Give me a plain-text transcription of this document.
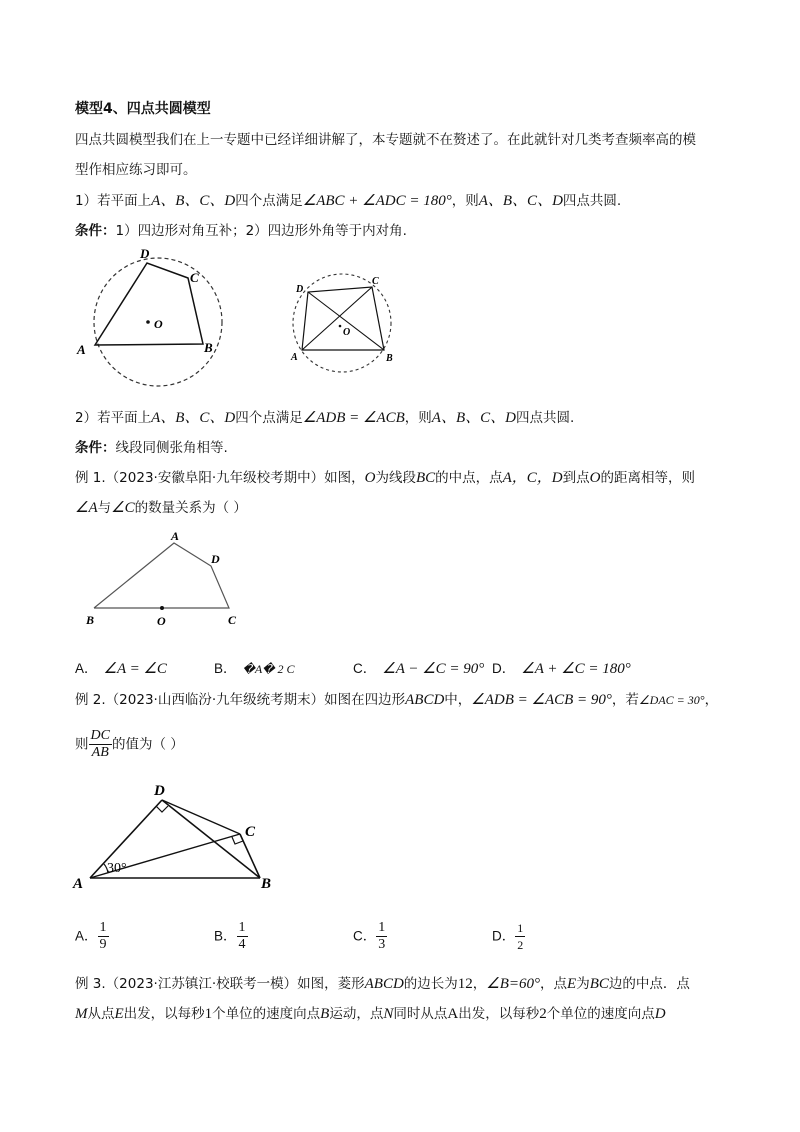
模型4、四点共圆模型
四点共圆模型我们在上一专题中已经详细讲解了，本专题就不在赘述了。在此就针对几类考查频率高的模
型作相应练习即可。
1）若平面上A、B、C、D四个点满足∠ABC + ∠ADC = 180°，则A、B、C、D四点共圆.
条件：1）四边形对角互补；2）四边形外角等于内对角.
O
A	B
C
D
O
A	B
C
D
2）若平面上A、B、C、D四个点满足∠ADB = ∠ACB，则A、B、C、D四点共圆.
条件：线段同侧张角相等.
例 1.（2023·安徽阜阳·九年级校考期中）如图，O为线段BC的中点，点A，C，D到点O的距离相等，则
∠A与∠C的数量关系为（ ）
A
B	C
D
O
A． ∠A = ∠C	B． �A� 2 C	C． ∠A − ∠C = 90° D． ∠A + ∠C = 180°
例 2.（2023·山西临汾·九年级统考期末）如图在四边形ABCD中，∠ADB = ∠ACB = 90°，若∠DAC = 30°，
则 $\frac{DC}{AB}$ 的值为（ ）
30°
A	B
C
D
A． $\frac{1}{9}$	B． $\frac{1}{4}$	C． $\frac{1}{3}$	D． $\frac{1}{2}$
例 3.（2023·江苏镇江·校联考一模）如图，菱形ABCD的边长为12，∠B=60°，点E为BC边的中点．点
M从点E出发，以每秒1个单位的速度向点B运动，点N同时从点A出发，以每秒2个单位的速度向点D
